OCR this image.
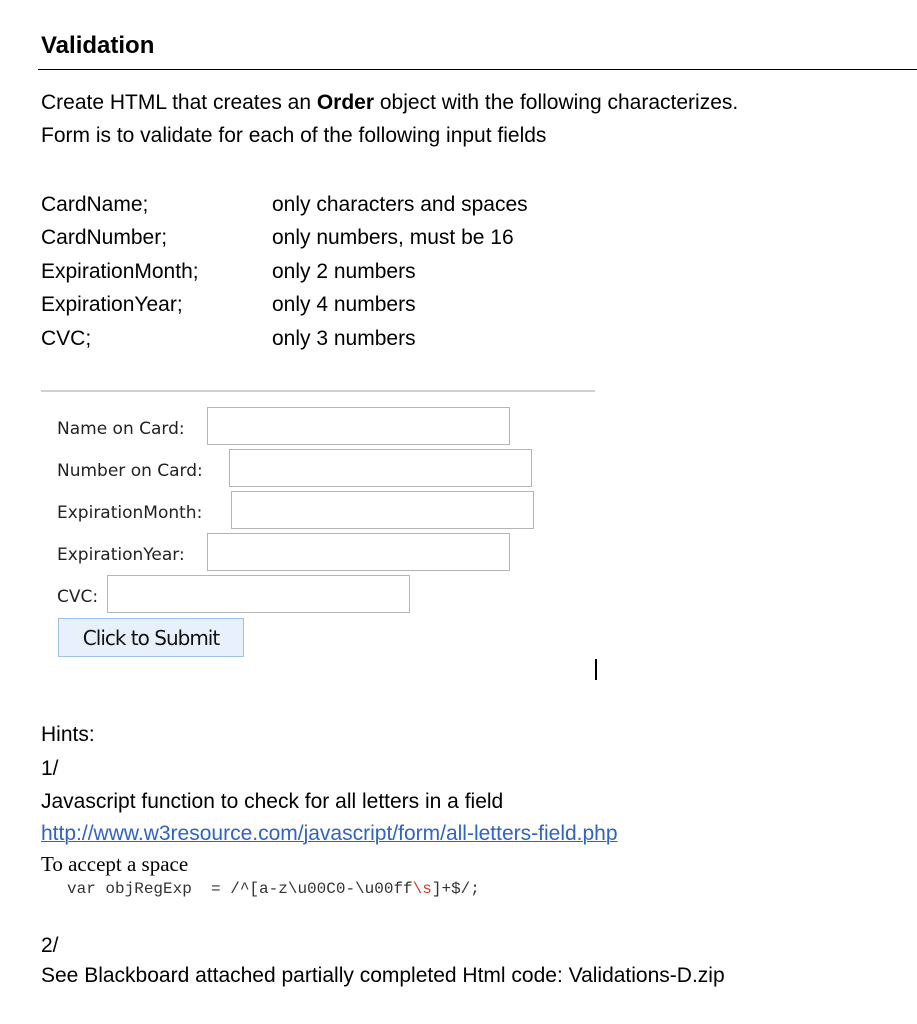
Validation
Create HTML that creates an Order object with the following characterizes.
Form is to validate for each of the following input fields
CardName;	only characters and spaces
CardNumber;	only numbers, must be 16
ExpirationMonth;	only 2 numbers
ExpirationYear;	only 4 numbers
CVC;	only 3 numbers
Name on Card:
Number on Card:
ExpirationMonth:
ExpirationYear:
CVC:
Click to Submit
Hints:
1/
Javascript function to check for all letters in a field
http://www.w3resource.com/javascript/form/all-letters-field.php
To accept a space
var objRegExp  = /^[a-z\u00C0-\u00ff\s]+$/;
2/
See Blackboard attached partially completed Html code: Validations-D.zip
